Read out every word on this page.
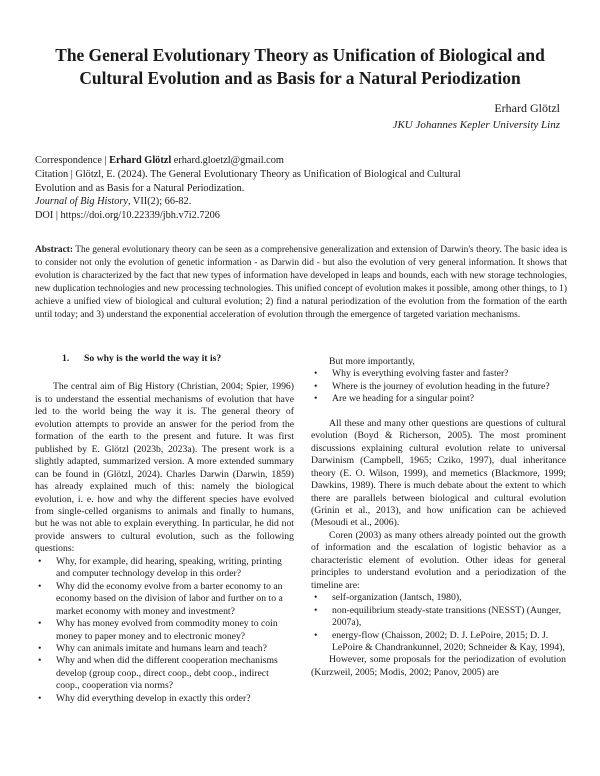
The General Evolutionary Theory as Unification of Biological and Cultural Evolution and as Basis for a Natural Periodization
Erhard Glötzl
JKU Johannes Kepler University Linz
Correspondence | Erhard Glötzl erhard.gloetzl@gmail.com
Citation | Glötzl, E. (2024). The General Evolutionary Theory as Unification of Biological and Cultural
Evolution and as Basis for a Natural Periodization.
Journal of Big History, VII(2); 66-82.
DOI | https://doi.org/10.22339/jbh.v7i2.7206
Abstract: The general evolutionary theory can be seen as a comprehensive generalization and extension of Darwin's theory. The basic idea is to consider not only the evolution of genetic information - as Darwin did - but also the evolution of very general information. It shows that evolution is characterized by the fact that new types of information have developed in leaps and bounds, each with new storage technologies, new duplication technologies and new processing technologies. This unified concept of evolution makes it possible, among other things, to 1) achieve a unified view of biological and cultural evolution; 2) find a natural periodization of the evolution from the formation of the earth until today; and 3) understand the exponential acceleration of evolution through the emergence of targeted variation mechanisms.
1. So why is the world the way it is?

The central aim of Big History (Christian, 2004; Spier, 1996) is to understand the essential mechanisms of evolution that have led to the world being the way it is. The general theory of evolution attempts to provide an answer for the period from the formation of the earth to the present and future. It was first published by E. Glötzl (2023b, 2023a). The present work is a slightly adapted, summarized version. A more extended summary can be found in (Glötzl, 2024). Charles Darwin (Darwin, 1859) has already explained much of this: namely the biological evolution, i. e. how and why the different species have evolved from single-celled organisms to animals and finally to humans, but he was not able to explain everything. In particular, he did not provide answers to cultural evolution, such as the following questions:

• Why, for example, did hearing, speaking, writing, printing and computer technology develop in this order?
• Why did the economy evolve from a barter economy to an economy based on the division of labor and further on to a market economy with money and investment?
• Why has money evolved from commodity money to coin money to paper money and to electronic money?
• Why can animals imitate and humans learn and teach?
• Why and when did the different cooperation mechanisms develop (group coop., direct coop., debt coop., indirect coop., cooperation via norms?
• Why did everything develop in exactly this order?

But more importantly,

• Why is everything evolving faster and faster?
• Where is the journey of evolution heading in the future?
• Are we heading for a singular point?

All these and many other questions are questions of cultural evolution (Boyd & Richerson, 2005). The most prominent discussions explaining cultural evolution relate to universal Darwinism (Campbell, 1965; Cziko, 1997), dual inheritance theory (E. O. Wilson, 1999), and memetics (Blackmore, 1999; Dawkins, 1989). There is much debate about the extent to which there are parallels between biological and cultural evolution (Grinin et al., 2013), and how unification can be achieved (Mesoudi et al., 2006).

Coren (2003) as many others already pointed out the growth of information and the escalation of logistic behavior as a characteristic element of evolution. Other ideas for general principles to understand evolution and a periodization of the timeline are:

• self-organization (Jantsch, 1980),
• non-equilibrium steady-state transitions (NESST) (Aunger, 2007a),
• energy-flow (Chaisson, 2002; D. J. LePoire, 2015; D. J. LePoire & Chandrankunnel, 2020; Schneider & Kay, 1994),

However, some proposals for the periodization of evolution (Kurzweil, 2005; Modis, 2002; Panov, 2005) are
